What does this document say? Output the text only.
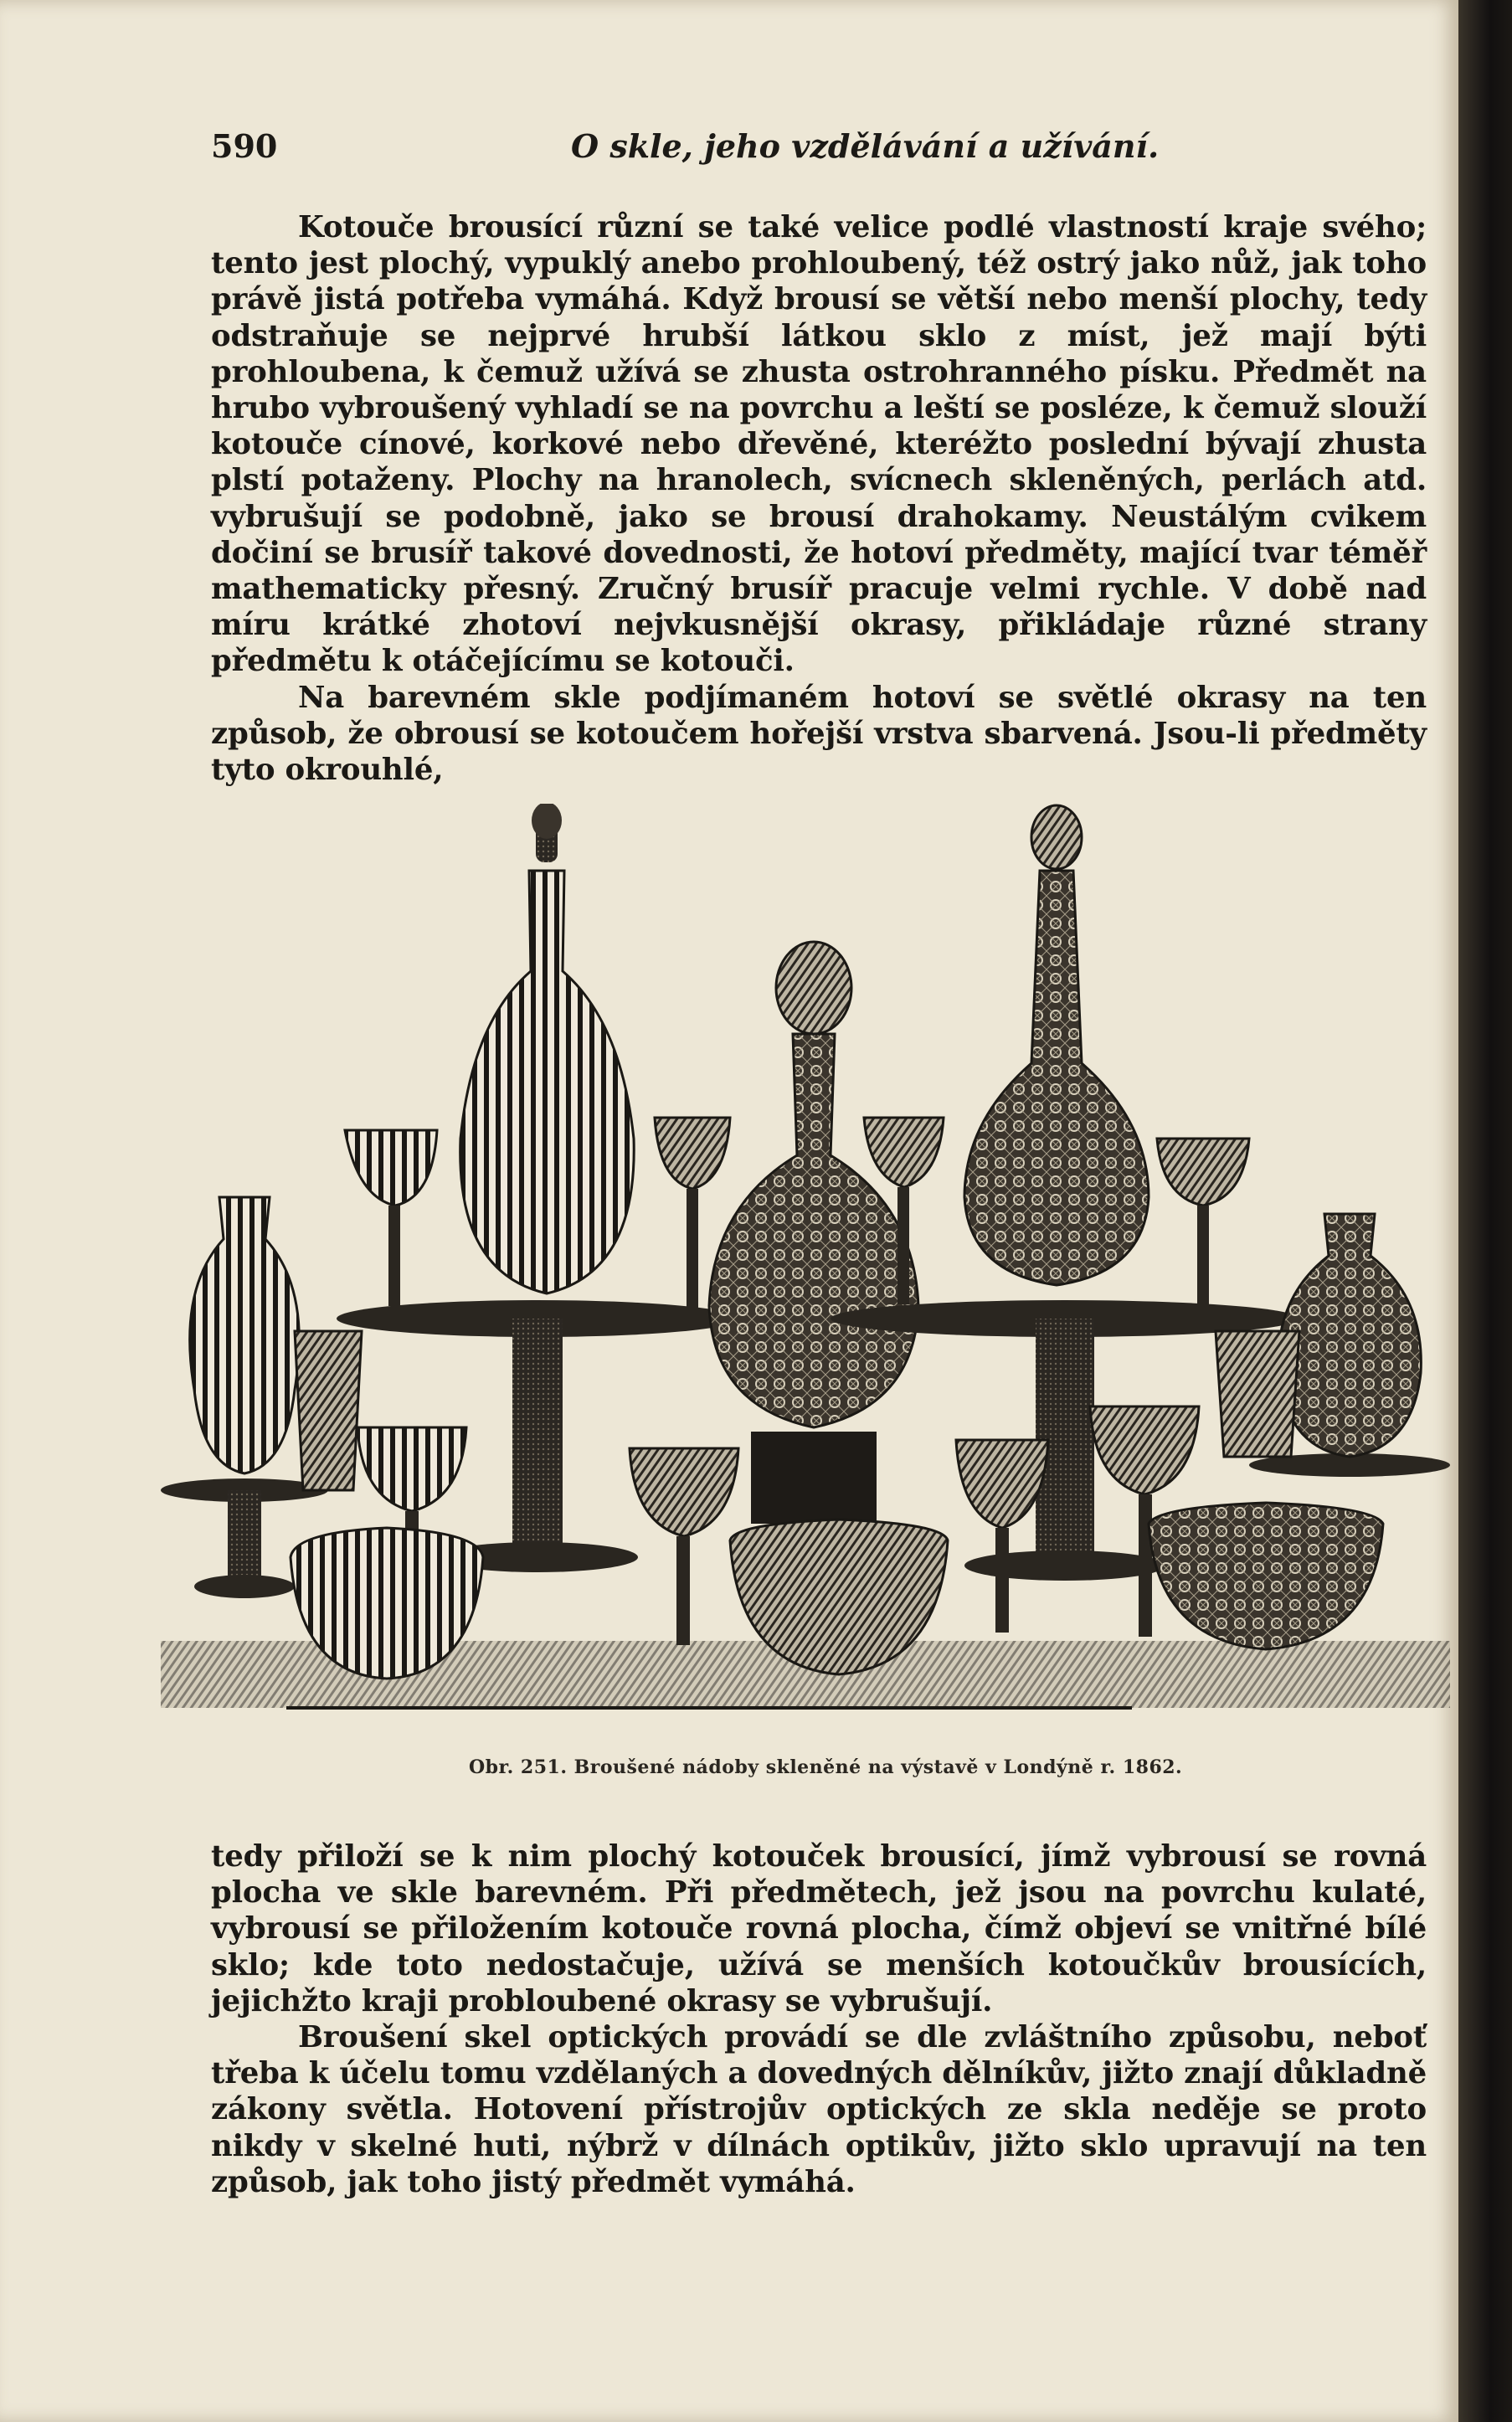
590	O skle, jeho vzdělávání a užívání.

Kotouče brousící různí se také velice podlé vlastností kraje svého; tento jest plochý, vypuklý anebo prohloubený, též ostrý jako nůž, jak toho právě jistá potřeba vymáhá. Když brousí se větší nebo menší plochy, tedy odstraňuje se nejprvé hrubší látkou sklo z míst, jež mají býti prohloubena, k čemuž užívá se zhusta ostrohranného písku. Předmět na hrubo vybroušený vyhladí se na povrchu a leští se posléze, k čemuž slouží kotouče cínové, korkové nebo dřevěné, kteréžto poslední bývají zhusta plstí potaženy. Plochy na hranolech, svícnech skleněných, perlách atd. vybrušují se podobně, jako se brousí drahokamy. Neustálým cvikem dočiní se brusíř takové dovednosti, že hotoví předměty, mající tvar téměř mathematicky přesný. Zručný brusíř pracuje velmi rychle. V době nad míru krátké zhotoví nejvkusnější okrasy, přikládaje různé strany předmětu k otáčejícímu se kotouči.

Na barevném skle podjímaném hotoví se světlé okrasy na ten způsob, že obrousí se kotoučem hořejší vrstva sbarvená. Jsou-li předměty tyto okrouhlé,

Obr. 251. Broušené nádoby skleněné na výstavě v Londýně r. 1862.

tedy přiloží se k nim plochý kotouček brousící, jímž vybrousí se rovná plocha ve skle barevném. Při předmětech, jež jsou na povrchu kulaté, vybrousí se přiložením kotouče rovná plocha, čímž objeví se vnitřné bílé sklo; kde toto nedostačuje, užívá se menších kotoučkův brousících, jejichžto kraji probloubené okrasy se vybrušují.

Broušení skel optických provádí se dle zvláštního způsobu, neboť třeba k účelu tomu vzdělaných a dovedných dělníkův, jižto znají důkladně zákony světla. Hotovení přístrojův optických ze skla neděje se proto nikdy v skelné huti, nýbrž v dílnách optikův, jižto sklo upravují na ten způsob, jak toho jistý předmět vymáhá.
